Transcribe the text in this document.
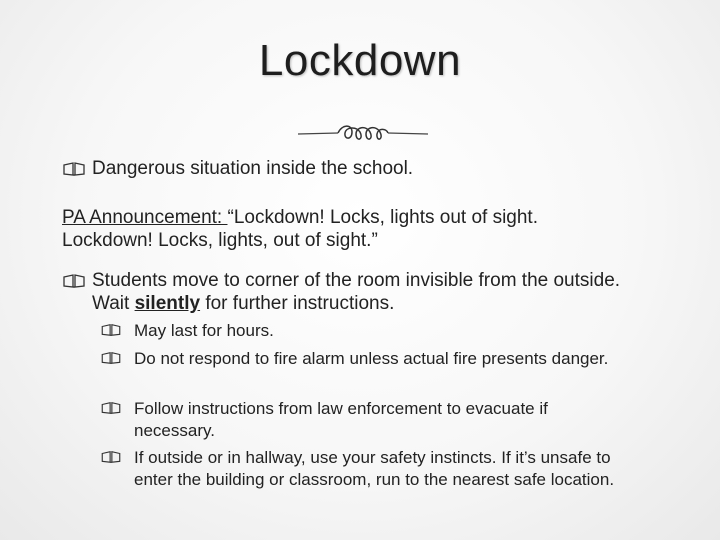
Lockdown
Dangerous situation inside the school.
PA Announcement: “Lockdown! Locks, lights out of sight.
Lockdown! Locks, lights, out of sight.”
Students move to corner of the room invisible from the outside. Wait silently for further instructions.
May last for hours.
Do not respond to fire alarm unless actual fire presents danger.
Follow instructions from law enforcement to evacuate if necessary.
If outside or in hallway, use your safety instincts. If it’s unsafe to enter the building or classroom, run to the nearest safe location.
